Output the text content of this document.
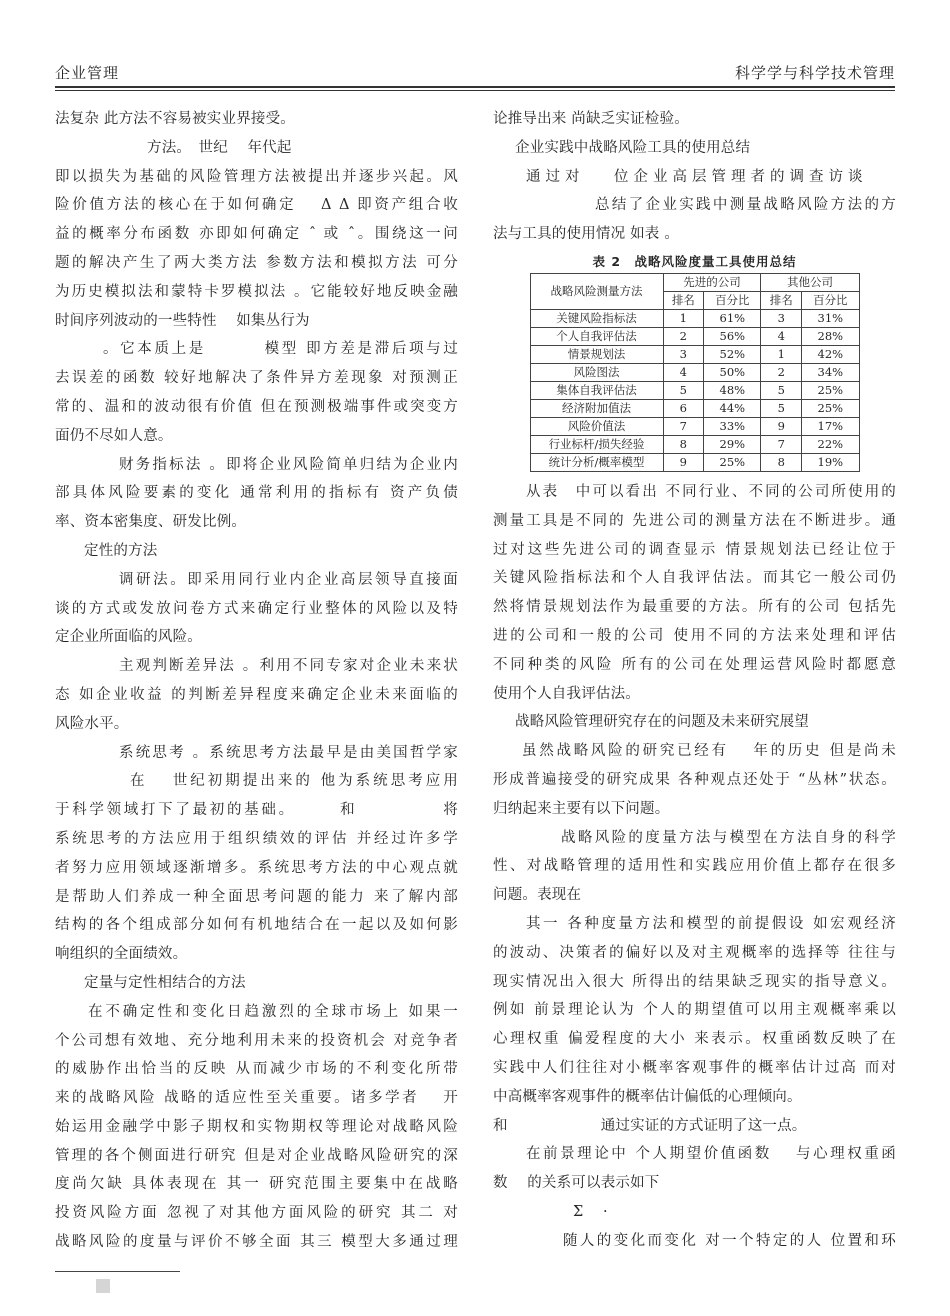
企业管理	科学学与科学技术管理
法复杂 此方法不容易被实业界接受。
方法。　世纪　 年代起
即以损失为基础的风险管理方法被提出并逐步兴起。风
险价值方法的核心在于如何确定　 Δ Δ 即资产组合收
益的概率分布函数 亦即如何确定 ˆ 或 ˆ。围绕这一问
题的解决产生了两大类方法 参数方法和模拟方法 可分
为历史模拟法和蒙特卡罗模拟法 。它能较好地反映金融
时间序列波动的一些特性　 如集丛行为
。它本质上是　　　 模型 即方差是滞后项与过
去误差的函数 较好地解决了条件异方差现象 对预测正
常的、温和的波动很有价值 但在预测极端事件或突变方
面仍不尽如人意。
财务指标法 。即将企业风险简单归结为企业内
部具体风险要素的变化 通常利用的指标有 资产负债
率、资本密集度、研发比例。
定性的方法
调研法。即采用同行业内企业高层领导直接面
谈的方式或发放问卷方式来确定行业整体的风险以及特
定企业所面临的风险。
主观判断差异法 。利用不同专家对企业未来状
态 如企业收益 的判断差异程度来确定企业未来面临的
风险水平。
系统思考 。系统思考方法最早是由美国哲学家
在　 世纪初期提出来的 他为系统思考应用
于科学领域打下了最初的基础。　　　和　　　　　将
系统思考的方法应用于组织绩效的评估 并经过许多学
者努力应用领域逐渐增多。系统思考方法的中心观点就
是帮助人们养成一种全面思考问题的能力 来了解内部
结构的各个组成部分如何有机地结合在一起以及如何影
响组织的全面绩效。
定量与定性相结合的方法
在不确定性和变化日趋激烈的全球市场上 如果一
个公司想有效地、充分地利用未来的投资机会 对竞争者
的威胁作出恰当的反映 从而减少市场的不利变化所带
来的战略风险 战略的适应性至关重要。诸多学者　 开
始运用金融学中影子期权和实物期权等理论对战略风险
管理的各个侧面进行研究 但是对企业战略风险研究的深
度尚欠缺 具体表现在 其一 研究范围主要集中在战略
投资风险方面 忽视了对其他方面风险的研究 其二 对
战略风险的度量与评价不够全面 其三 模型大多通过理
论推导出来 尚缺乏实证检验。
企业实践中战略风险工具的使用总结
通 过 对　　 位 企 业 高 层 管 理 者 的 调 查 访 谈
总结了企业实践中测量战略风险方法的方
法与工具的使用情况 如表 。
表 2　战略风险度量工具使用总结
战略风险测量方法	先进的公司		其他公司	
	排名	百分比	排名	百分比
关键风险指标法	1	61%	3	31%
个人自我评估法	2	56%	4	28%
情景规划法	3	52%	1	42%
风险图法	4	50%	2	34%
集体自我评估法	5	48%	5	25%
经济附加值法	6	44%	5	25%
风险价值法	7	33%	9	17%
行业标杆/损失经验	8	29%	7	22%
统计分析/概率模型	9	25%	8	19%
从表　中可以看出 不同行业、不同的公司所使用的
测量工具是不同的 先进公司的测量方法在不断进步。通
过对这些先进公司的调查显示 情景规划法已经让位于
关键风险指标法和个人自我评估法。而其它一般公司仍
然将情景规划法作为最重要的方法。所有的公司 包括先
进的公司和一般的公司 使用不同的方法来处理和评估
不同种类的风险 所有的公司在处理运营风险时都愿意
使用个人自我评估法。
战略风险管理研究存在的问题及未来研究展望
虽然战略风险的研究已经有　 年的历史 但是尚未
形成普遍接受的研究成果 各种观点还处于 “丛林”状态。
归纳起来主要有以下问题。
战略风险的度量方法与模型在方法自身的科学
性、对战略管理的适用性和实践应用价值上都存在很多
问题。表现在
其一 各种度量方法和模型的前提假设 如宏观经济
的波动、决策者的偏好以及对主观概率的选择等 往往与
现实情况出入很大 所得出的结果缺乏现实的指导意义。
例如 前景理论认为 个人的期望值可以用主观概率乘以
心理权重 偏爱程度的大小 来表示。权重函数反映了在
实践中人们往往对小概率客观事件的概率估计过高 而对
中高概率客观事件的概率估计偏低的心理倾向。
和　　　　　　 通过实证的方式证明了这一点。
在前景理论中 个人期望价值函数　 与心理权重函
数　 的关系可以表示如下
Σ　 ·
随人的变化而变化 对一个特定的人 位置和环
